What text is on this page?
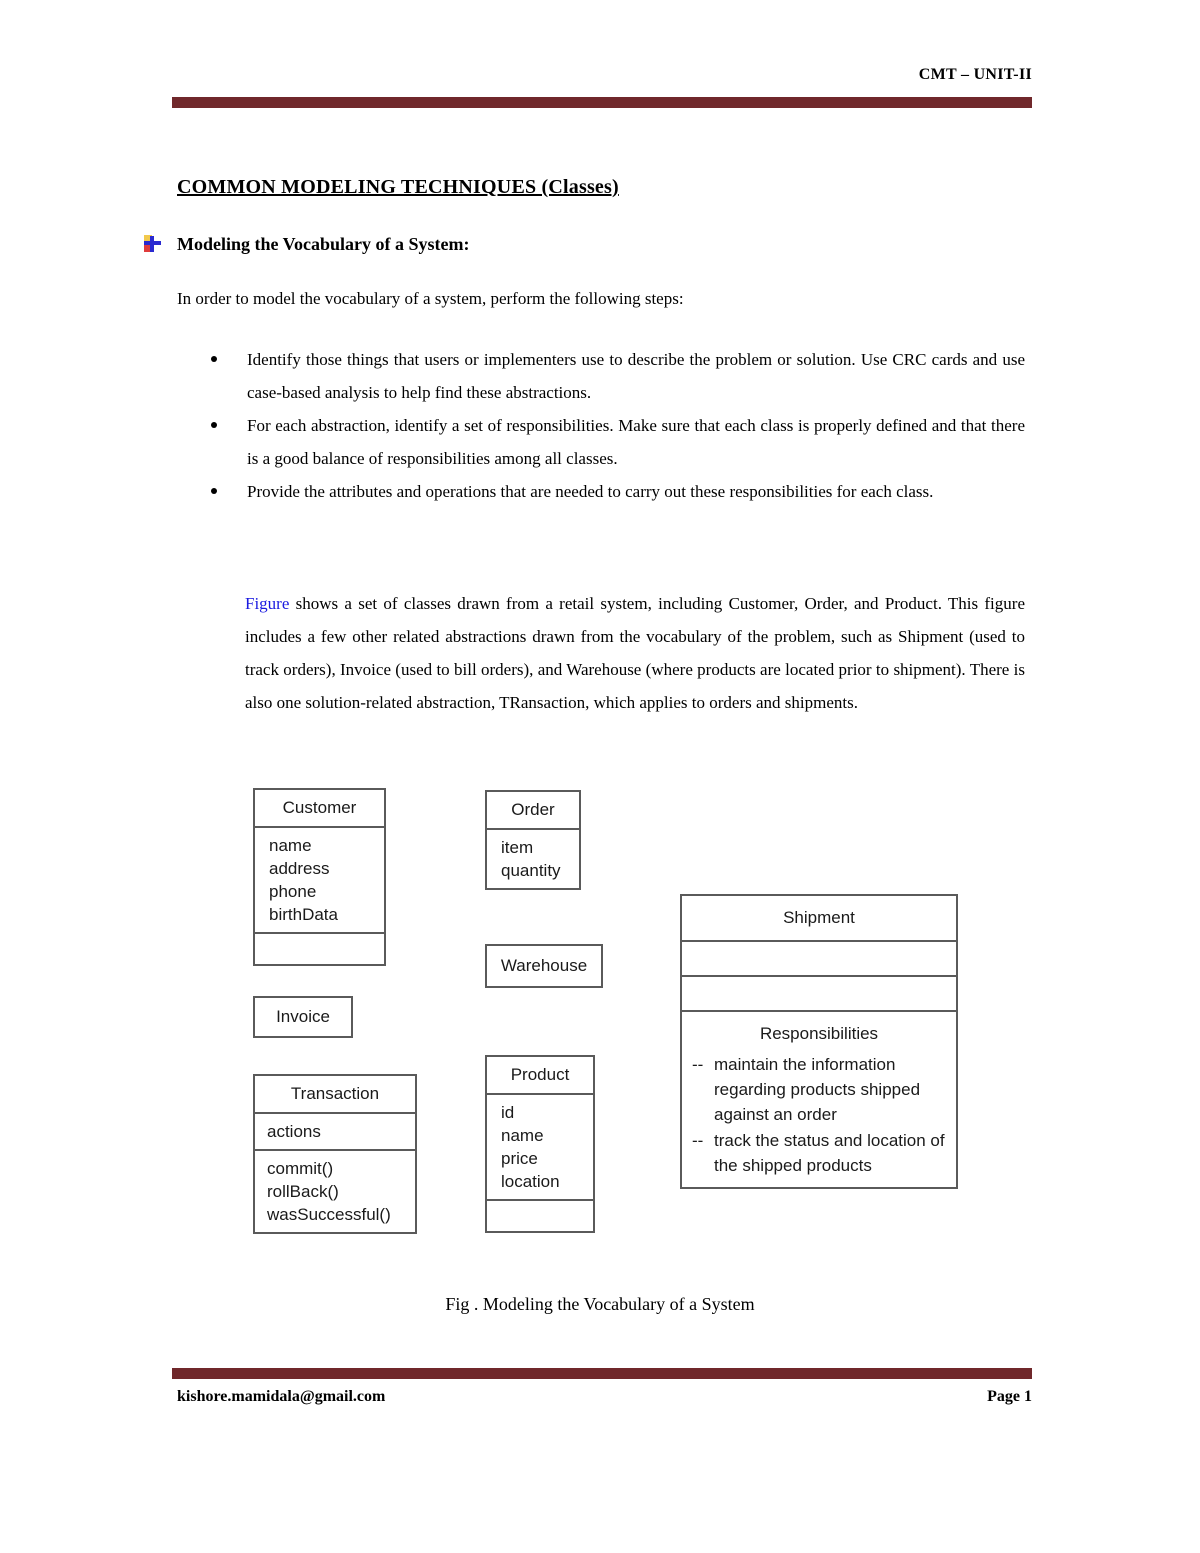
CMT – UNIT-II
COMMON MODELING TECHNIQUES (Classes)
Modeling the Vocabulary of a System:
In order to model the vocabulary of a system, perform the following steps:
Identify those things that users or implementers use to describe the problem or solution. Use CRC cards and use case-based analysis to help find these abstractions.
For each abstraction, identify a set of responsibilities. Make sure that each class is properly defined and that there is a good balance of responsibilities among all classes.
Provide the attributes and operations that are needed to carry out these responsibilities for each class.
Figure shows a set of classes drawn from a retail system, including Customer, Order, and Product. This figure includes a few other related abstractions drawn from the vocabulary of the problem, such as Shipment (used to track orders), Invoice (used to bill orders), and Warehouse (where products are located prior to shipment). There is also one solution-related abstraction, TRansaction, which applies to orders and shipments.
Customer
name
address
phone
birthData
Order
item
quantity
Warehouse
Invoice
Transaction
actions
commit()
rollBack()
wasSuccessful()
Product
id
name
price
location
Shipment
Responsibilities
-- maintain the information regarding products shipped against an order
-- track the status and location of the shipped products
Fig . Modeling the Vocabulary of a System
kishore.mamidala@gmail.com	Page 1
